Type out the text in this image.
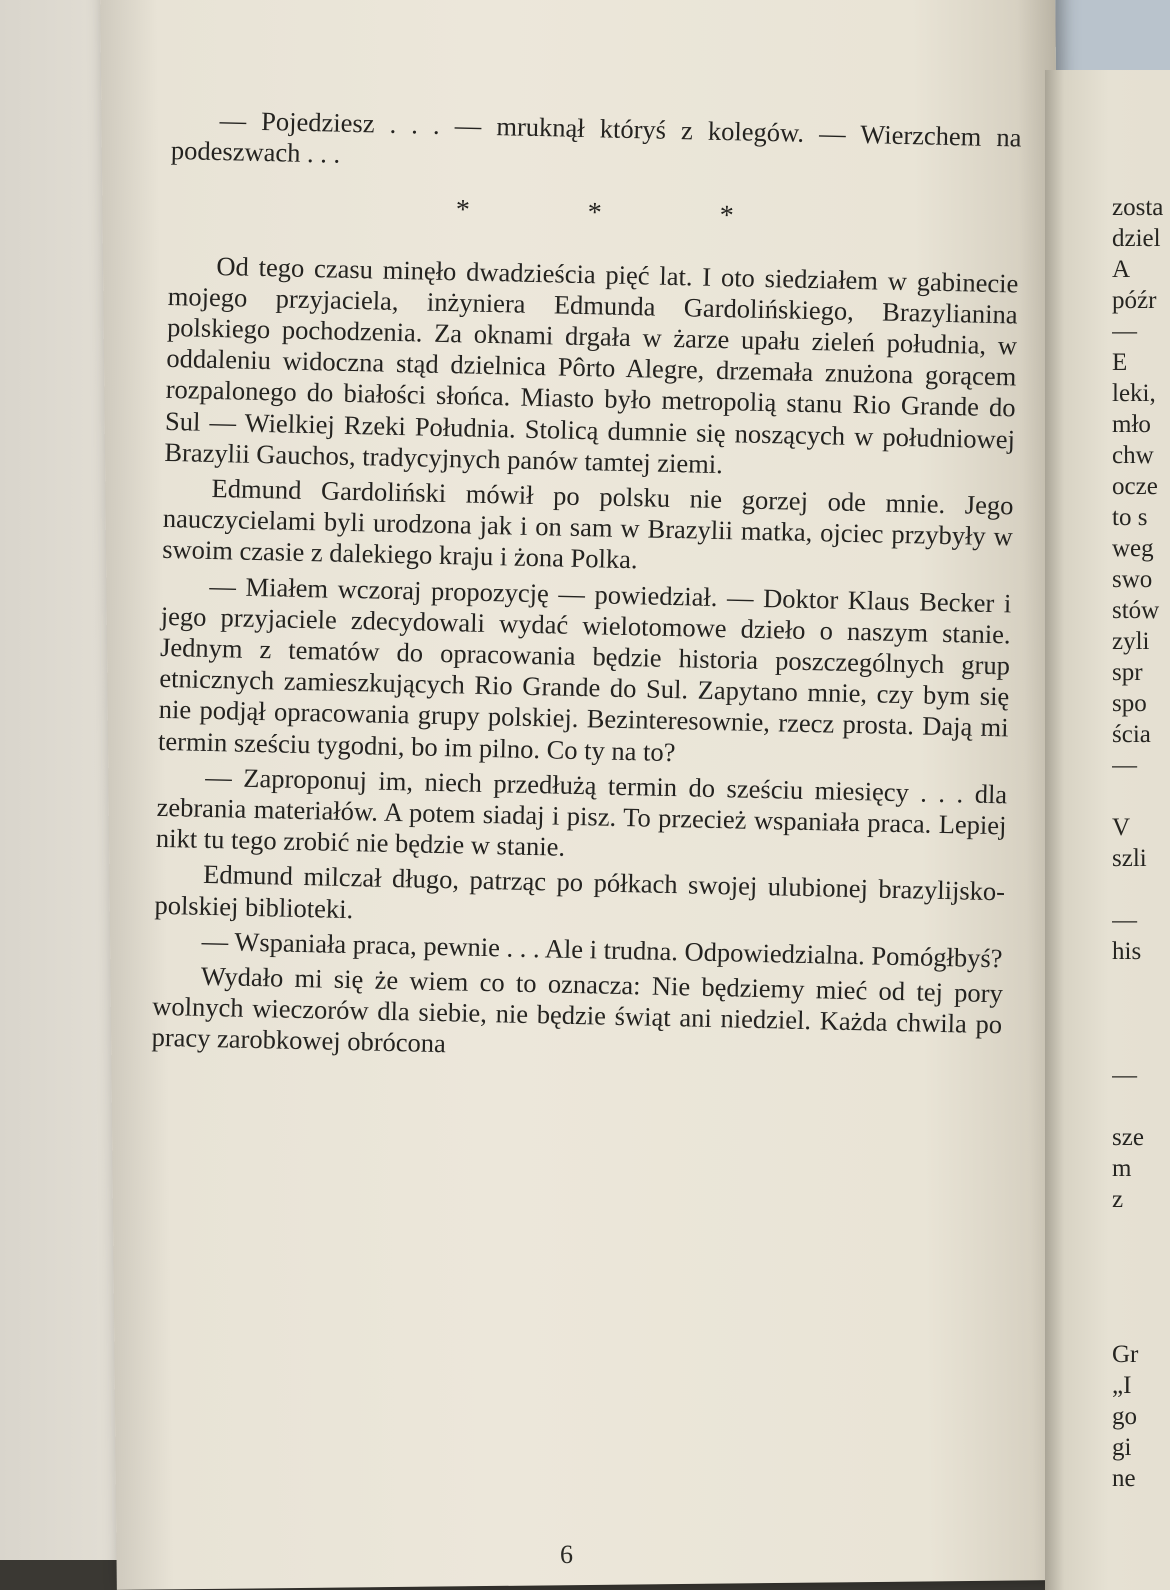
— Pojedziesz . . . — mruknął któryś z kolegów. — Wierzchem na podeszwach . . .

*	*	*

Od tego czasu minęło dwadzieścia pięć lat. I oto siedziałem w gabinecie mojego przyjaciela, inżyniera Edmunda Gardolińskiego, Brazylianina polskiego pochodzenia. Za oknami drgała w żarze upału zieleń południa, w oddaleniu widoczna stąd dzielnica Pôrto Alegre, drzemała znużona gorącem rozpalonego do białości słońca. Miasto było metropolią stanu Rio Grande do Sul — Wielkiej Rzeki Południa. Stolicą dumnie się noszących w południowej Brazylii Gauchos, tradycyjnych panów tamtej ziemi.

Edmund Gardoliński mówił po polsku nie gorzej ode mnie. Jego nauczycielami byli urodzona jak i on sam w Brazylii matka, ojciec przybyły w swoim czasie z dalekiego kraju i żona Polka.

— Miałem wczoraj propozycję — powiedział. — Doktor Klaus Becker i jego przyjaciele zdecydowali wydać wielotomowe dzieło o naszym stanie. Jednym z tematów do opracowania będzie historia poszczególnych grup etnicznych zamieszkujących Rio Grande do Sul. Zapytano mnie, czy bym się nie podjął opracowania grupy polskiej. Bezinteresownie, rzecz prosta. Dają mi termin sześciu tygodni, bo im pilno. Co ty na to?

— Zaproponuj im, niech przedłużą termin do sześciu miesięcy . . . dla zebrania materiałów. A potem siadaj i pisz. To przecież wspaniała praca. Lepiej nikt tu tego zrobić nie będzie w stanie.

Edmund milczał długo, patrząc po półkach swojej ulubionej brazylijsko-polskiej biblioteki.

— Wspaniała praca, pewnie . . . Ale i trudna. Odpowiedzialna. Pomógłbyś?

Wydało mi się że wiem co to oznacza: Nie będziemy mieć od tej pory wolnych wieczorów dla siebie, nie będzie świąt ani niedziel. Każda chwila po pracy zarobkowej obrócona

6
zosta
dziel
A
późr
—
E
leki,
mło
chw
ocze
to s
weg
swo
stów
zyli
spr
spo
ścia
—
V
szli
—
his
—
sze
m
z
Gr
„I
go
gi
ne
